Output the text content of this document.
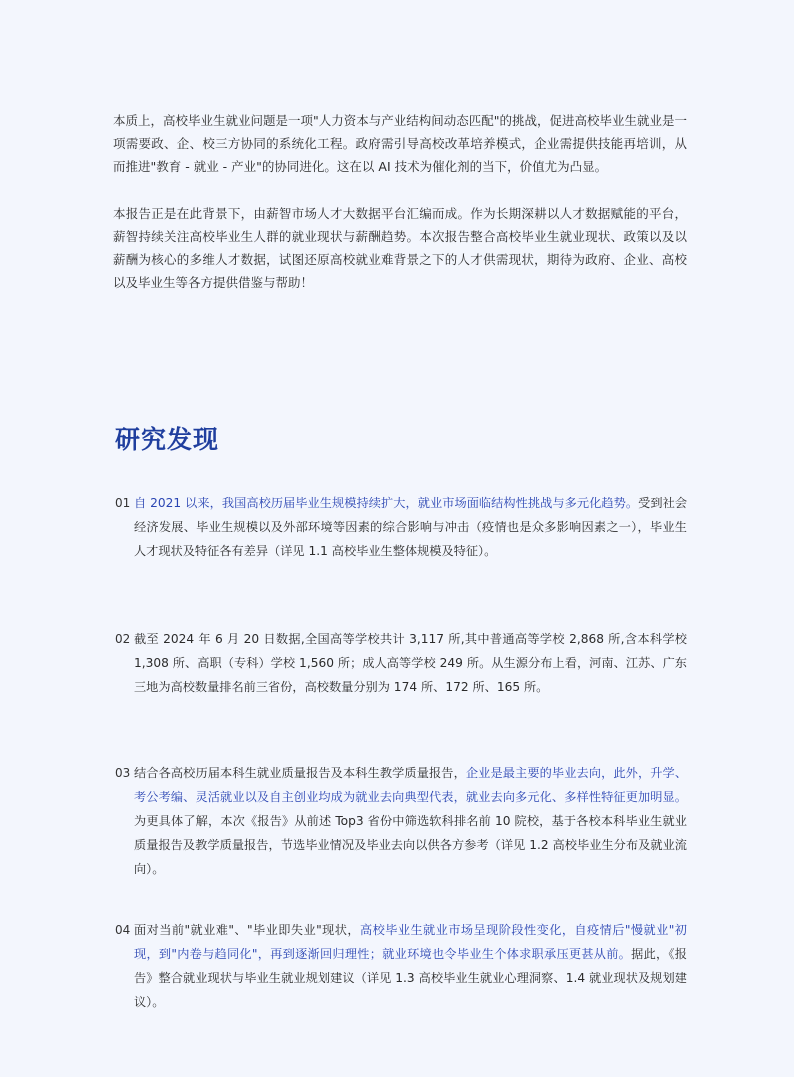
本质上，高校毕业生就业问题是一项"人力资本与产业结构间动态匹配"的挑战，促进高校毕业生就业是一项需要政、企、校三方协同的系统化工程。政府需引导高校改革培养模式，企业需提供技能再培训，从而推进"教育 - 就业 - 产业"的协同进化。这在以 AI 技术为催化剂的当下，价值尤为凸显。

本报告正是在此背景下，由薪智市场人才大数据平台汇编而成。作为长期深耕以人才数据赋能的平台，薪智持续关注高校毕业生人群的就业现状与薪酬趋势。本次报告整合高校毕业生就业现状、政策以及以薪酬为核心的多维人才数据，试图还原高校就业难背景之下的人才供需现状，期待为政府、企业、高校以及毕业生等各方提供借鉴与帮助！

研究发现
01 自 2021 以来，我国高校历届毕业生规模持续扩大，就业市场面临结构性挑战与多元化趋势。受到社会经济发展、毕业生规模以及外部环境等因素的综合影响与冲击（疫情也是众多影响因素之一），毕业生人才现状及特征各有差异（详见 1.1 高校毕业生整体规模及特征）。

02 截至 2024 年 6 月 20 日数据,全国高等学校共计 3,117 所,其中普通高等学校 2,868 所,含本科学校 1,308 所、高职（专科）学校 1,560 所；成人高等学校 249 所。从生源分布上看，河南、江苏、广东三地为高校数量排名前三省份，高校数量分别为 174 所、172 所、165 所。

03 结合各高校历届本科生就业质量报告及本科生教学质量报告，企业是最主要的毕业去向，此外，升学、考公考编、灵活就业以及自主创业均成为就业去向典型代表，就业去向多元化、多样性特征更加明显。为更具体了解，本次《报告》从前述 Top3 省份中筛选软科排名前 10 院校，基于各校本科毕业生就业质量报告及教学质量报告，节选毕业情况及毕业去向以供各方参考（详见 1.2 高校毕业生分布及就业流向）。

04 面对当前"就业难"、"毕业即失业"现状，高校毕业生就业市场呈现阶段性变化，自疫情后"慢就业"初现，到"内卷与趋同化"，再到逐渐回归理性；就业环境也令毕业生个体求职承压更甚从前。据此，《报告》整合就业现状与毕业生就业规划建议（详见 1.3 高校毕业生就业心理洞察、1.4 就业现状及规划建议）。
